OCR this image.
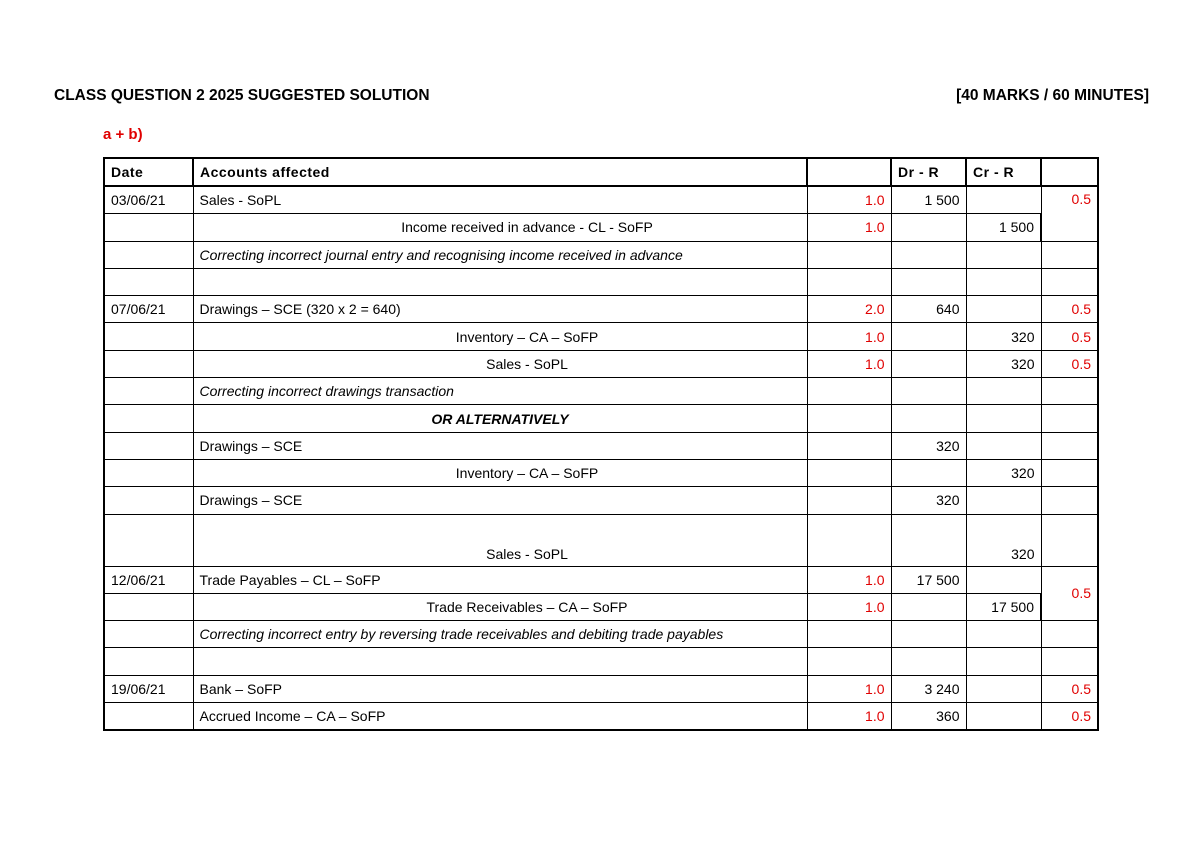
CLASS QUESTION 2 2025 SUGGESTED SOLUTION	[40 MARKS / 60 MINUTES]
a + b)
Date	Accounts affected		Dr - R	Cr - R	
03/06/21	Sales - SoPL	1.0	1 500		0.5
	Income received in advance - CL - SoFP	1.0		1 500	
	Correcting incorrect journal entry and recognising income received in advance				

07/06/21	Drawings – SCE (320 x 2 = 640)	2.0	640		0.5
	Inventory – CA – SoFP	1.0		320	0.5
	Sales - SoPL	1.0		320	0.5
	Correcting incorrect drawings transaction				
	OR ALTERNATIVELY				
	Drawings – SCE		320		
	Inventory – CA – SoFP			320	
	Drawings – SCE		320		
	Sales - SoPL			320	
12/06/21	Trade Payables – CL – SoFP	1.0	17 500		0.5
	Trade Receivables – CA – SoFP	1.0		17 500	
	Correcting incorrect entry by reversing trade receivables and debiting trade payables				

19/06/21	Bank – SoFP	1.0	3 240		0.5
	Accrued Income – CA – SoFP	1.0	360		0.5
